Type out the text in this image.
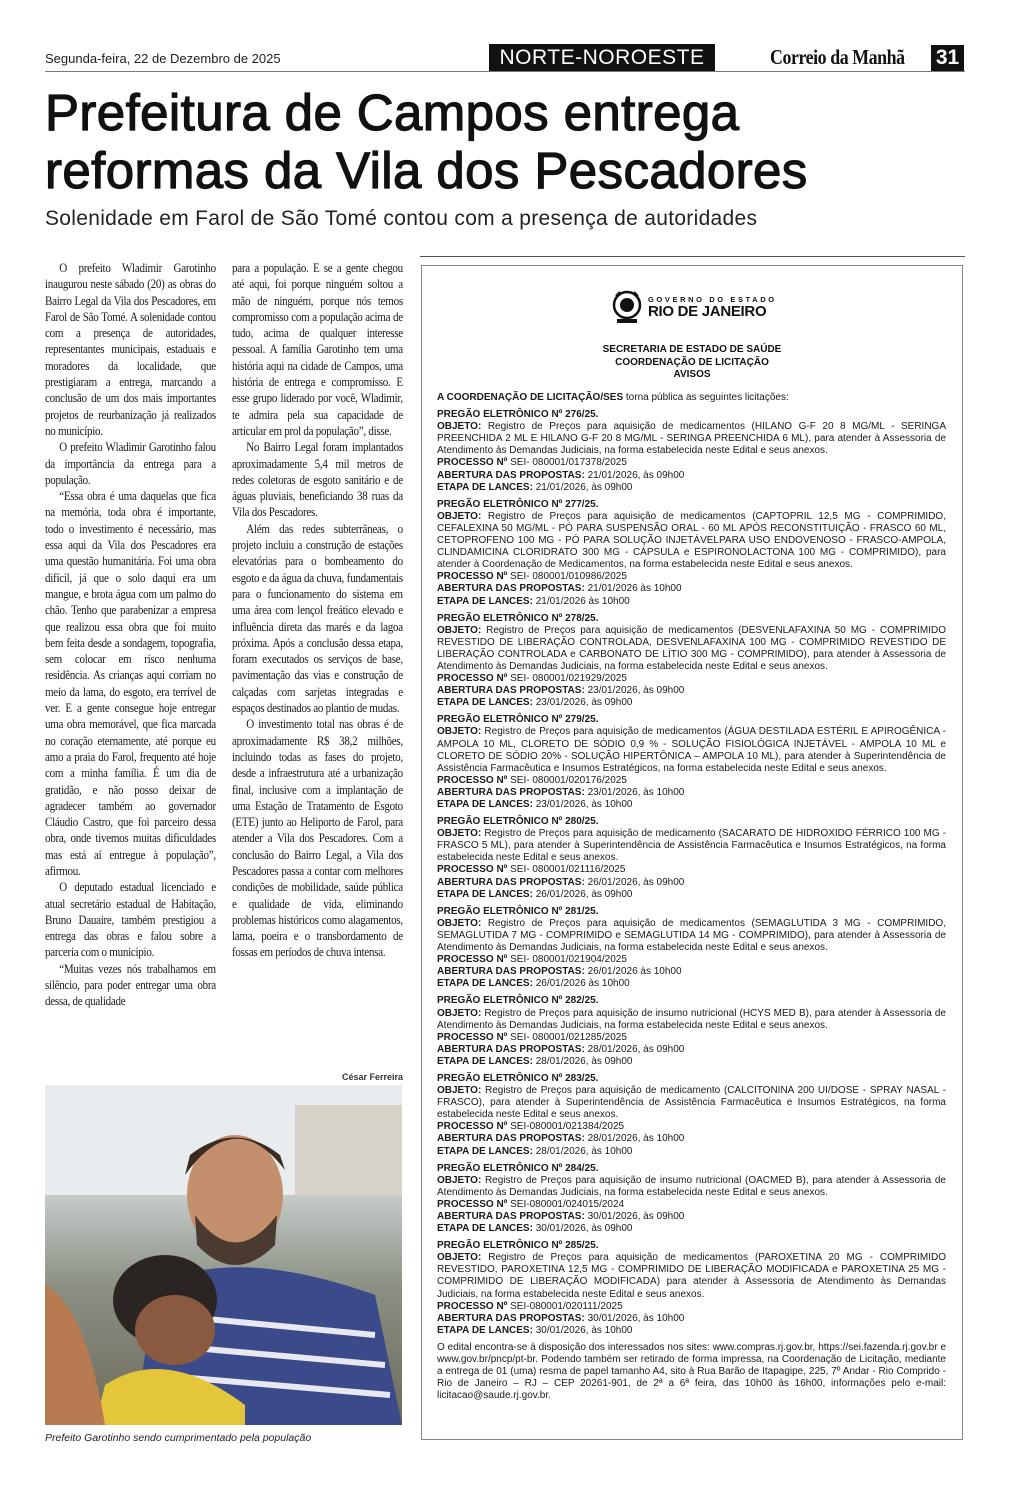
Segunda-feira, 22 de Dezembro de 2025	NORTE-NOROESTE	Correio da Manhã 31
Prefeitura de Campos entrega
reformas da Vila dos Pescadores
Solenidade em Farol de São Tomé contou com a presença de autoridades

O prefeito Wladimir Garotinho inaugurou neste sábado (20) as obras do Bairro Legal da Vila dos Pescadores, em Farol de São Tomé. A solenidade contou com a presença de autoridades, representantes municipais, estaduais e moradores da localidade, que prestigiaram a entrega, marcando a conclusão de um dos mais importantes projetos de reurbanização já realizados no município.

O prefeito Wladimir Garotinho falou da importância da entrega para a população.

“Essa obra é uma daquelas que fica na memória, toda obra é importante, todo o investimento é necessário, mas essa aqui da Vila dos Pescadores era uma questão humanitária. Foi uma obra difícil, já que o solo daqui era um mangue, e brota água com um palmo do chão. Tenho que parabenizar a empresa que realizou essa obra que foi muito bem feita desde a sondagem, topografia, sem colocar em risco nenhuma residência. As crianças aqui corriam no meio da lama, do esgoto, era terrível de ver. E a gente consegue hoje entregar uma obra memorável, que fica marcada no coração eternamente, até porque eu amo a praia do Farol, frequento até hoje com a minha família. É um dia de gratidão, e não posso deixar de agradecer também ao governador Cláudio Castro, que foi parceiro dessa obra, onde tivemos muitas dificuldades mas está aí entregue à população”, afirmou.

O deputado estadual licenciado e atual secretário estadual de Habitação, Bruno Dauaire, também prestigiou a entrega das obras e falou sobre a parceria com o município.

“Muitas vezes nós trabalhamos em silêncio, para poder entregar uma obra dessa, de qualidade

para a população. E se a gente chegou até aqui, foi porque ninguém soltou a mão de ninguém, porque nós temos compromisso com a população acima de tudo, acima de qualquer interesse pessoal. A família Garotinho tem uma história aqui na cidade de Campos, uma história de entrega e compromisso. E esse grupo liderado por você, Wladimir, te admira pela sua capacidade de articular em prol da população”, disse.

No Bairro Legal foram implantados aproximadamente 5,4 mil metros de redes coletoras de esgoto sanitário e de águas pluviais, beneficiando 38 ruas da Vila dos Pescadores.

Além das redes subterrâneas, o projeto incluiu a construção de estações elevatórias para o bombeamento do esgoto e da água da chuva, fundamentais para o funcionamento do sistema em uma área com lençol freático elevado e influência direta das marés e da lagoa próxima. Após a conclusão dessa etapa, foram executados os serviços de base, pavimentação das vias e construção de calçadas com sarjetas integradas e espaços destinados ao plantio de mudas.

O investimento total nas obras é de aproximadamente R$ 38,2 milhões, incluindo todas as fases do projeto, desde a infraestrutura até a urbanização final, inclusive com a implantação de uma Estação de Tratamento de Esgoto (ETE) junto ao Heliporto de Farol, para atender a Vila dos Pescadores. Com a conclusão do Bairro Legal, a Vila dos Pescadores passa a contar com melhores condições de mobilidade, saúde pública e qualidade de vida, eliminando problemas históricos como alagamentos, lama, poeira e o transbordamento de fossas em períodos de chuva intensa.

César Ferreira
Prefeito Garotinho sendo cumprimentado pela população
GOVERNO DO ESTADO
RIO DE JANEIRO
SECRETARIA DE ESTADO DE SAÚDE
COORDENAÇÃO DE LICITAÇÃO
AVISOS
A COORDENAÇÃO DE LICITAÇÃO/SES torna pública as seguintes licitações:
PREGÃO ELETRÔNICO Nº 276/25.
OBJETO: Registro de Preços para aquisição de medicamentos (HILANO G-F 20 8 MG/ML - SERINGA PREENCHIDA 2 ML E HILANO G-F 20 8 MG/ML - SERINGA PREENCHIDA 6 ML), para atender à Assessoria de Atendimento às Demandas Judiciais, na forma estabelecida neste Edital e seus anexos.
PROCESSO Nº SEI- 080001/017378/2025
ABERTURA DAS PROPOSTAS: 21/01/2026, às 09h00
ETAPA DE LANCES: 21/01/2026, às 09h00
PREGÃO ELETRÔNICO Nº 277/25.
OBJETO: Registro de Preços para aquisição de medicamentos (CAPTOPRIL 12,5 MG - COMPRIMIDO, CEFALEXINA 50 MG/ML - PÓ PARA SUSPENSÃO ORAL - 60 ML APÓS RECONSTITUIÇÃO - FRASCO 60 ML, CETOPROFENO 100 MG - PÓ PARA SOLUÇÃO INJETÁVELPARA USO ENDOVENOSO - FRASCO-AMPOLA, CLINDAMICINA CLORIDRATO 300 MG - CÁPSULA e ESPIRONOLACTONA 100 MG - COMPRIMIDO), para atender à Coordenação de Medicamentos, na forma estabelecida neste Edital e seus anexos.
PROCESSO Nº SEI- 080001/010986/2025
ABERTURA DAS PROPOSTAS: 21/01/2026 às 10h00
ETAPA DE LANCES: 21/01/2026 às 10h00
PREGÃO ELETRÔNICO Nº 278/25.
OBJETO: Registro de Preços para aquisição de medicamentos (DESVENLAFAXINA 50 MG - COMPRIMIDO REVESTIDO DE LIBERAÇÃO CONTROLADA, DESVENLAFAXINA 100 MG - COMPRIMIDO REVESTIDO DE LIBERAÇÃO CONTROLADA e CARBONATO DE LÍTIO 300 MG - COMPRIMIDO), para atender à Assessoria de Atendimento às Demandas Judiciais, na forma estabelecida neste Edital e seus anexos.
PROCESSO Nº SEI- 080001/021929/2025
ABERTURA DAS PROPOSTAS: 23/01/2026, às 09h00
ETAPA DE LANCES: 23/01/2026, às 09h00
PREGÃO ELETRÔNICO Nº 279/25.
OBJETO: Registro de Preços para aquisição de medicamentos (ÁGUA DESTILADA ESTÉRIL E APIROGÊNICA - AMPOLA 10 ML, CLORETO DE SÓDIO 0,9 % - SOLUÇÃO FISIOLÓGICA INJETÁVEL - AMPOLA 10 ML e CLORETO DE SÓDIO 20% - SOLUÇÃO HIPERTÔNICA – AMPOLA 10 ML), para atender à Superintendência de Assistência Farmacêutica e Insumos Estratégicos, na forma estabelecida neste Edital e seus anexos.
PROCESSO Nº SEI- 080001/020176/2025
ABERTURA DAS PROPOSTAS: 23/01/2026, às 10h00
ETAPA DE LANCES: 23/01/2026, às 10h00
PREGÃO ELETRÔNICO Nº 280/25.
OBJETO: Registro de Preços para aquisição de medicamento (SACARATO DE HIDROXIDO FÉRRICO 100 MG - FRASCO 5 ML), para atender à Superintendência de Assistência Farmacêutica e Insumos Estratégicos, na forma estabelecida neste Edital e seus anexos.
PROCESSO Nº SEI- 080001/021116/2025
ABERTURA DAS PROPOSTAS: 26/01/2026, às 09h00
ETAPA DE LANCES: 26/01/2026, às 09h00
PREGÃO ELETRÔNICO Nº 281/25.
OBJETO: Registro de Preços para aquisição de medicamentos (SEMAGLUTIDA 3 MG - COMPRIMIDO, SEMAGLUTIDA 7 MG - COMPRIMIDO e SEMAGLUTIDA 14 MG - COMPRIMIDO), para atender à Assessoria de Atendimento às Demandas Judiciais, na forma estabelecida neste Edital e seus anexos.
PROCESSO Nº SEI- 080001/021904/2025
ABERTURA DAS PROPOSTAS: 26/01/2026 às 10h00
ETAPA DE LANCES: 26/01/2026 às 10h00
PREGÃO ELETRÔNICO Nº 282/25.
OBJETO: Registro de Preços para aquisição de insumo nutricional (HCYS MED B), para atender à Assessoria de Atendimento às Demandas Judiciais, na forma estabelecida neste Edital e seus anexos.
PROCESSO Nº SEI- 080001/021285/2025
ABERTURA DAS PROPOSTAS: 28/01/2026, às 09h00
ETAPA DE LANCES: 28/01/2026, às 09h00
PREGÃO ELETRÔNICO Nº 283/25.
OBJETO: Registro de Preços para aquisição de medicamento (CALCITONINA 200 UI/DOSE - SPRAY NASAL - FRASCO), para atender à Superintendência de Assistência Farmacêutica e Insumos Estratégicos, na forma estabelecida neste Edital e seus anexos.
PROCESSO Nº SEI-080001/021384/2025
ABERTURA DAS PROPOSTAS: 28/01/2026, às 10h00
ETAPA DE LANCES: 28/01/2026, às 10h00
PREGÃO ELETRÔNICO Nº 284/25.
OBJETO: Registro de Preços para aquisição de insumo nutricional (OACMED B), para atender à Assessoria de Atendimento às Demandas Judiciais, na forma estabelecida neste Edital e seus anexos.
PROCESSO Nº SEI-080001/024015/2024
ABERTURA DAS PROPOSTAS: 30/01/2026, às 09h00
ETAPA DE LANCES: 30/01/2026, às 09h00
PREGÃO ELETRÔNICO Nº 285/25.
OBJETO: Registro de Preços para aquisição de medicamentos (PAROXETINA 20 MG - COMPRIMIDO REVESTIDO, PAROXETINA 12,5 MG - COMPRIMIDO DE LIBERAÇÃO MODIFICADA e PAROXETINA 25 MG - COMPRIMIDO DE LIBERAÇÃO MODIFICADA) para atender à Assessoria de Atendimento às Demandas Judiciais, na forma estabelecida neste Edital e seus anexos.
PROCESSO Nº SEI-080001/020111/2025
ABERTURA DAS PROPOSTAS: 30/01/2026, às 10h00
ETAPA DE LANCES: 30/01/2026, às 10h00
O edital encontra-se à disposição dos interessados nos sites: www.compras.rj.gov.br, https://sei.fazenda.rj.gov.br e www.gov.br/pncp/pt-br. Podendo também ser retirado de forma impressa, na Coordenação de Licitação, mediante a entrega de 01 (uma) resma de papel tamanho A4, sito à Rua Barão de Itapagipe, 225, 7º Andar - Rio Comprido - Rio de Janeiro – RJ – CEP 20261-901, de 2ª a 6ª feira, das 10h00 às 16h00, informações pelo e-mail: licitacao@saude.rj.gov.br.
